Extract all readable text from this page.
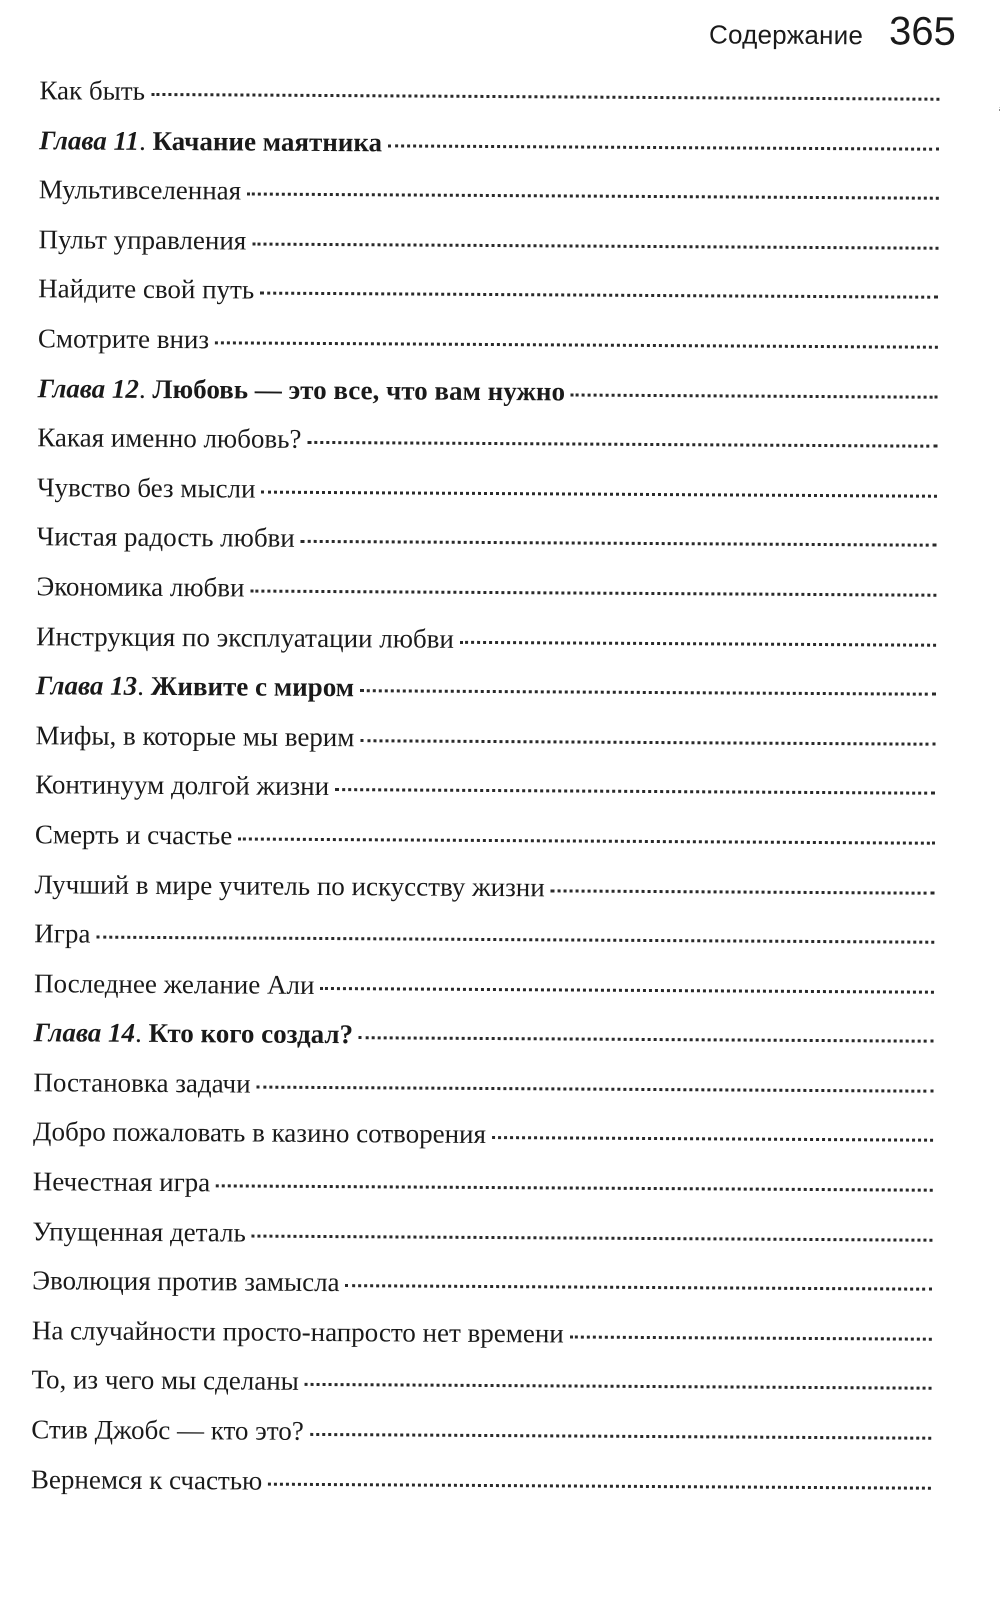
Содержание 365
Как быть
Глава 11. Качание маятника
Мультивселенная
Пульт управления
Найдите свой путь
Смотрите вниз
Глава 12. Любовь — это все, что вам нужно
Какая именно любовь?
Чувство без мысли
Чистая радость любви
Экономика любви
Инструкция по эксплуатации любви
Глава 13. Живите с миром
Мифы, в которые мы верим
Континуум долгой жизни
Смерть и счастье
Лучший в мире учитель по искусству жизни
Игра
Последнее желание Али
Глава 14. Кто кого создал?
Постановка задачи
Добро пожаловать в казино сотворения
Нечестная игра
Упущенная деталь
Эволюция против замысла
На случайности просто-напросто нет времени
То, из чего мы сделаны
Стив Джобс — кто это?
Вернемся к счастью
